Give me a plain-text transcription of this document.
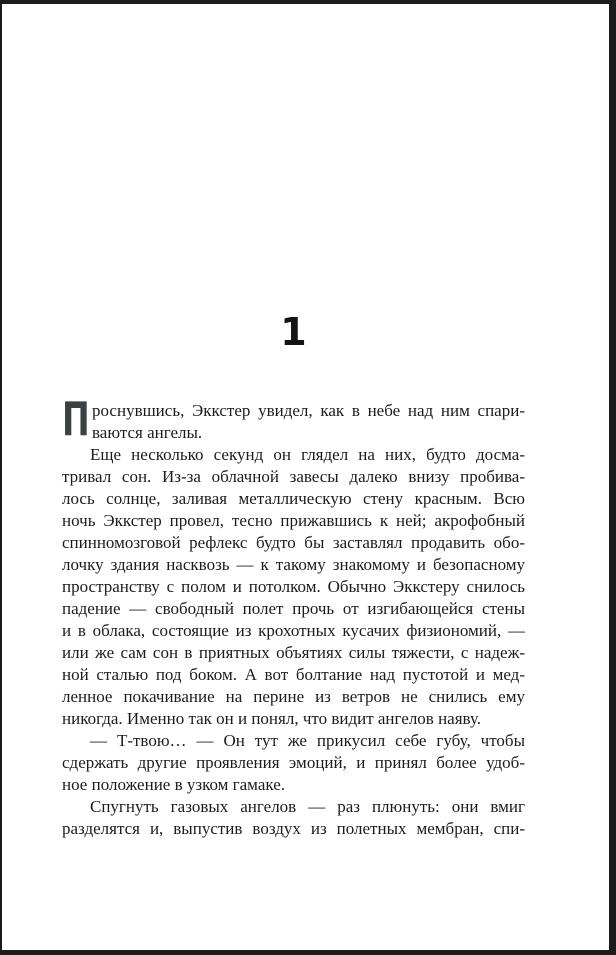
1
П роснувшись, Эккстер увидел, как в небе над ним спари-
ваются ангелы.
Еще несколько секунд он глядел на них, будто досма-
тривал сон. Из-за облачной завесы далеко внизу пробива-
лось солнце, заливая металлическую стену красным. Всю
ночь Эккстер провел, тесно прижавшись к ней; акрофобный
спинномозговой рефлекс будто бы заставлял продавить обо-
лочку здания насквозь — к такому знакомому и безопасному
пространству с полом и потолком. Обычно Эккстеру снилось
падение — свободный полет прочь от изгибающейся стены
и в облака, состоящие из крохотных кусачих физиономий, —
или же сам сон в приятных объятиях силы тяжести, с надеж-
ной сталью под боком. А вот болтание над пустотой и мед-
ленное покачивание на перине из ветров не снились ему
никогда. Именно так он и понял, что видит ангелов наяву.
— Т-твою… — Он тут же прикусил себе губу, чтобы
сдержать другие проявления эмоций, и принял более удоб-
ное положение в узком гамаке.
Спугнуть газовых ангелов — раз плюнуть: они вмиг
разделятся и, выпустив воздух из полетных мембран, спи-
